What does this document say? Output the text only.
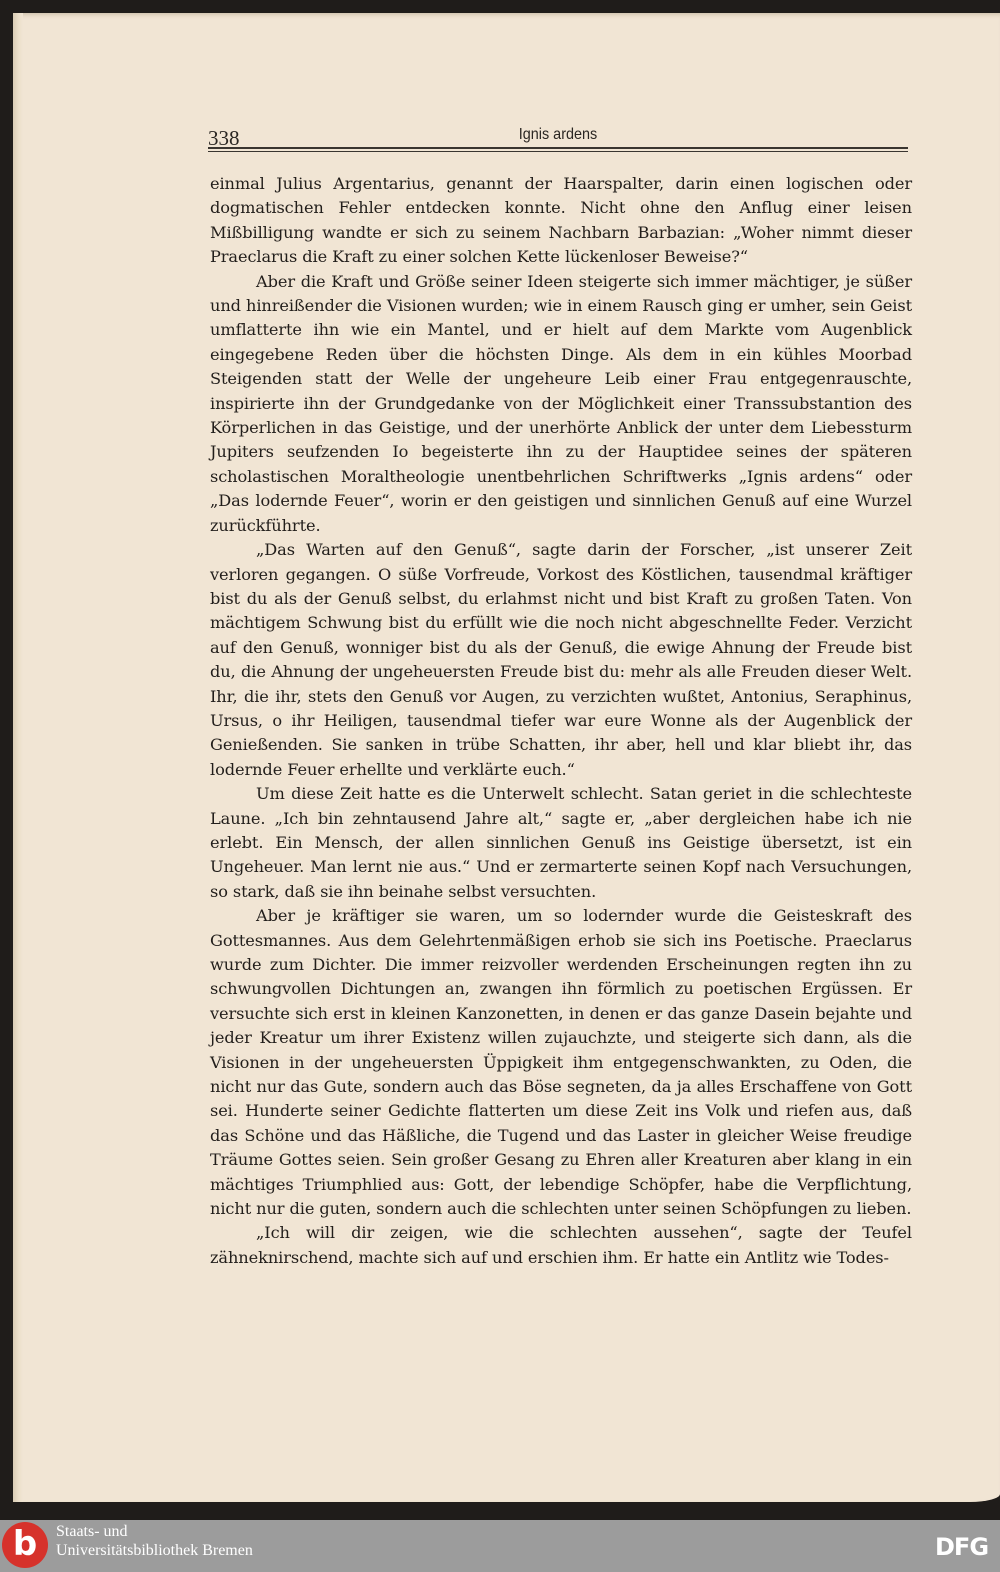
338	Ignis ardens

einmal Julius Argentarius, genannt der Haarspalter, darin einen logischen oder dogmatischen Fehler entdecken konnte. Nicht ohne den Anflug einer leisen Mißbilligung wandte er sich zu seinem Nachbarn Barbazian: „Woher nimmt dieser Praeclarus die Kraft zu einer solchen Kette lückenloser Beweise?“

Aber die Kraft und Größe seiner Ideen steigerte sich immer mächtiger, je süßer und hinreißender die Visionen wurden; wie in einem Rausch ging er umher, sein Geist umflatterte ihn wie ein Mantel, und er hielt auf dem Markte vom Augenblick eingegebene Reden über die höchsten Dinge. Als dem in ein kühles Moorbad Steigenden statt der Welle der ungeheure Leib einer Frau entgegenrauschte, inspirierte ihn der Grundgedanke von der Möglichkeit einer Transsubstantion des Körperlichen in das Geistige, und der unerhörte Anblick der unter dem Liebessturm Jupiters seufzenden Io begeisterte ihn zu der Hauptidee seines der späteren scholastischen Moraltheologie unentbehrlichen Schriftwerks „Ignis ardens“ oder „Das lodernde Feuer“, worin er den geistigen und sinnlichen Genuß auf eine Wurzel zurückführte.

„Das Warten auf den Genuß“, sagte darin der Forscher, „ist unserer Zeit verloren gegangen. O süße Vorfreude, Vorkost des Köstlichen, tausendmal kräftiger bist du als der Genuß selbst, du erlahmst nicht und bist Kraft zu großen Taten. Von mächtigem Schwung bist du erfüllt wie die noch nicht abgeschnellte Feder. Verzicht auf den Genuß, wonniger bist du als der Genuß, die ewige Ahnung der Freude bist du, die Ahnung der ungeheuersten Freude bist du: mehr als alle Freuden dieser Welt. Ihr, die ihr, stets den Genuß vor Augen, zu verzichten wußtet, Antonius, Seraphinus, Ursus, o ihr Heiligen, tausendmal tiefer war eure Wonne als der Augenblick der Genießenden. Sie sanken in trübe Schatten, ihr aber, hell und klar bliebt ihr, das lodernde Feuer erhellte und verklärte euch.“

Um diese Zeit hatte es die Unterwelt schlecht. Satan geriet in die schlechteste Laune. „Ich bin zehntausend Jahre alt,“ sagte er, „aber dergleichen habe ich nie erlebt. Ein Mensch, der allen sinnlichen Genuß ins Geistige übersetzt, ist ein Ungeheuer. Man lernt nie aus.“ Und er zermarterte seinen Kopf nach Versuchungen, so stark, daß sie ihn beinahe selbst versuchten.

Aber je kräftiger sie waren, um so lodernder wurde die Geisteskraft des Gottesmannes. Aus dem Gelehrtenmäßigen erhob sie sich ins Poetische. Praeclarus wurde zum Dichter. Die immer reizvoller werdenden Erscheinungen regten ihn zu schwungvollen Dichtungen an, zwangen ihn förmlich zu poetischen Ergüssen. Er versuchte sich erst in kleinen Kanzonetten, in denen er das ganze Dasein bejahte und jeder Kreatur um ihrer Existenz willen zujauchzte, und steigerte sich dann, als die Visionen in der ungeheuersten Üppigkeit ihm entgegenschwankten, zu Oden, die nicht nur das Gute, sondern auch das Böse segneten, da ja alles Erschaffene von Gott sei. Hunderte seiner Gedichte flatterten um diese Zeit ins Volk und riefen aus, daß das Schöne und das Häßliche, die Tugend und das Laster in gleicher Weise freudige Träume Gottes seien. Sein großer Gesang zu Ehren aller Kreaturen aber klang in ein mächtiges Triumphlied aus: Gott, der lebendige Schöpfer, habe die Verpflichtung, nicht nur die guten, sondern auch die schlechten unter seinen Schöpfungen zu lieben.

„Ich will dir zeigen, wie die schlechten aussehen“, sagte der Teufel zähneknirschend, machte sich auf und erschien ihm. Er hatte ein Antlitz wie Todes-

b	Staats- und
Universitätsbibliothek Bremen	DFG
